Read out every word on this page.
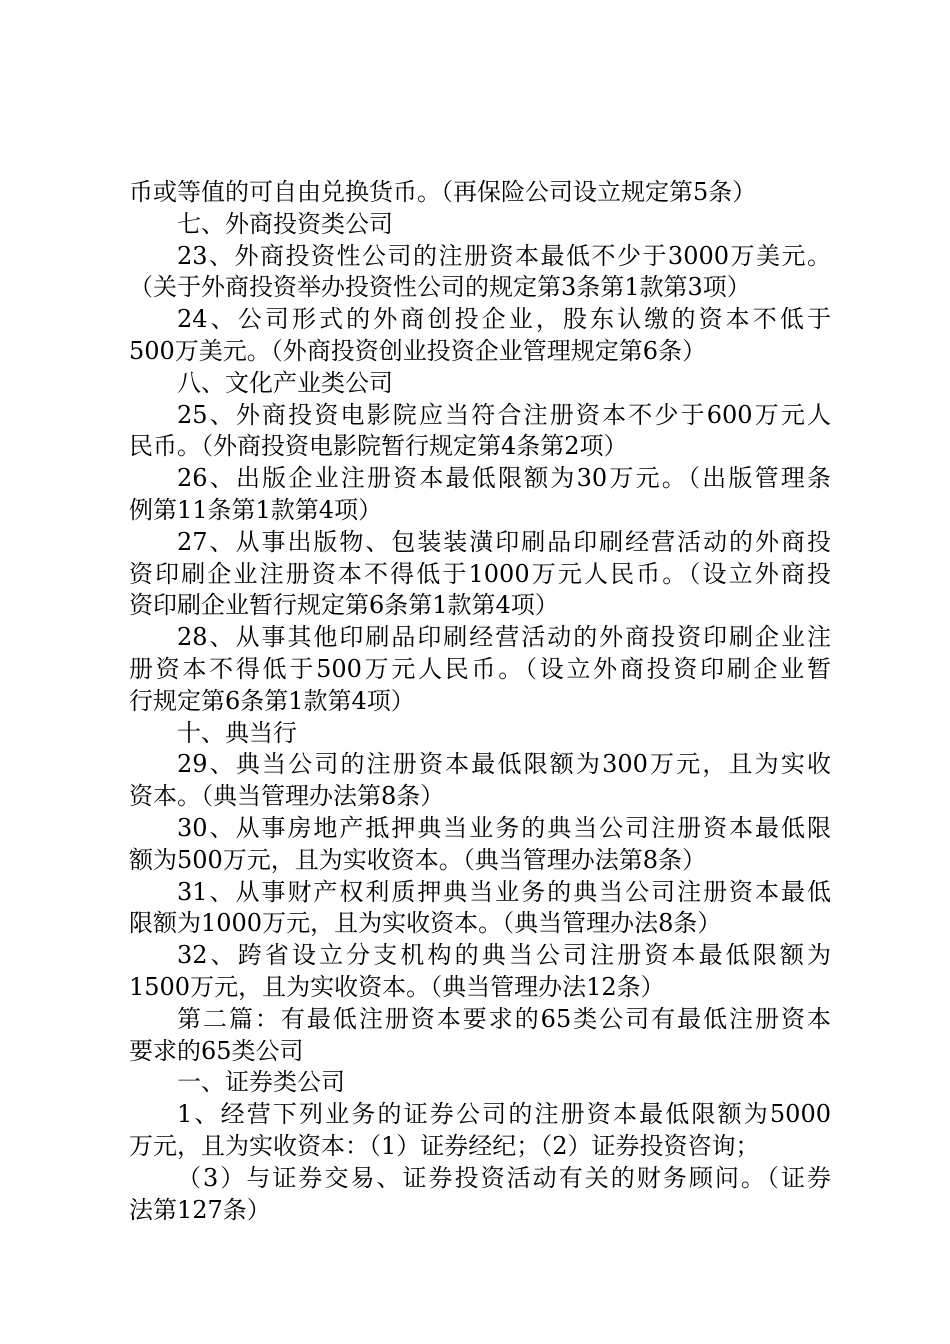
币或等值的可自由兑换货币。（再保险公司设立规定第5条）
七、外商投资类公司
23、外商投资性公司的注册资本最低不少于3000万美元。
（关于外商投资举办投资性公司的规定第3条第1款第3项）
24、公司形式的外商创投企业，股东认缴的资本不低于
500万美元。（外商投资创业投资企业管理规定第6条）
八、文化产业类公司
25、外商投资电影院应当符合注册资本不少于600万元人
民币。（外商投资电影院暂行规定第4条第2项）
26、出版企业注册资本最低限额为30万元。（出版管理条
例第11条第1款第4项）
27、从事出版物、包装装潢印刷品印刷经营活动的外商投
资印刷企业注册资本不得低于1000万元人民币。（设立外商投
资印刷企业暂行规定第6条第1款第4项）
28、从事其他印刷品印刷经营活动的外商投资印刷企业注
册资本不得低于500万元人民币。（设立外商投资印刷企业暂
行规定第6条第1款第4项）
十、典当行
29、典当公司的注册资本最低限额为300万元，且为实收
资本。（典当管理办法第8条）
30、从事房地产抵押典当业务的典当公司注册资本最低限
额为500万元，且为实收资本。（典当管理办法第8条）
31、从事财产权利质押典当业务的典当公司注册资本最低
限额为1000万元，且为实收资本。（典当管理办法8条）
32、跨省设立分支机构的典当公司注册资本最低限额为
1500万元，且为实收资本。（典当管理办法12条）
第二篇：有最低注册资本要求的65类公司有最低注册资本
要求的65类公司
一、证券类公司
1、经营下列业务的证券公司的注册资本最低限额为5000
万元，且为实收资本：（1）证券经纪；（2）证券投资咨询；
（3）与证券交易、证券投资活动有关的财务顾问。（证券
法第127条）
